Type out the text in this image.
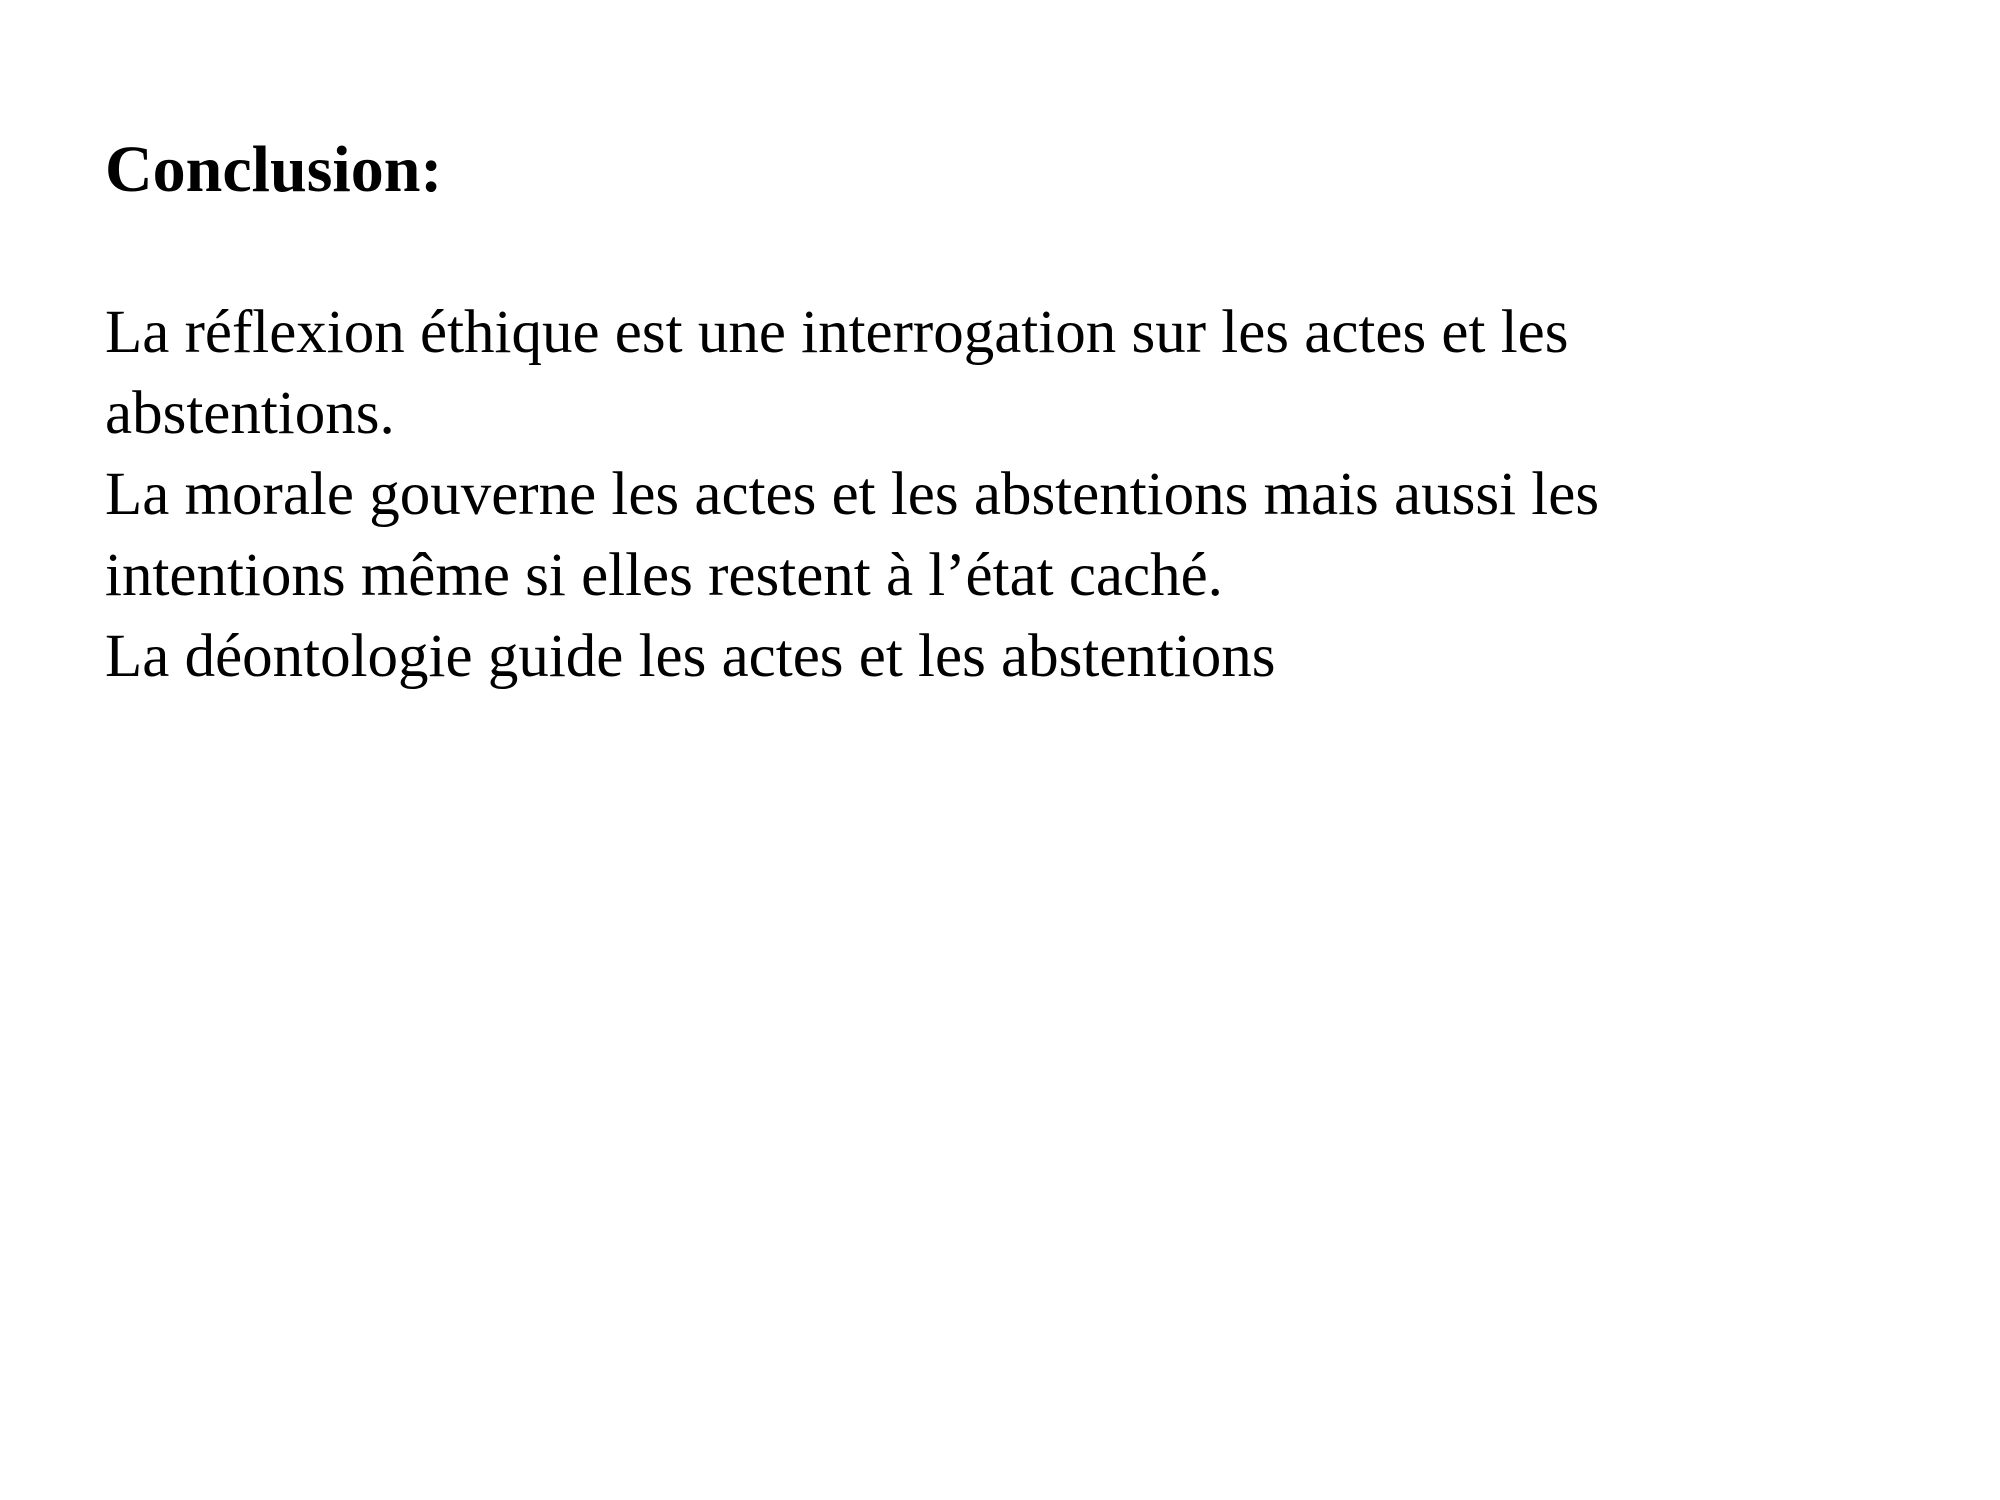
Conclusion:
La réflexion éthique est une interrogation sur les actes et les
abstentions.
La morale gouverne les actes et les abstentions mais aussi les
intentions même si elles restent à l’état caché.
La déontologie guide les actes et les abstentions
